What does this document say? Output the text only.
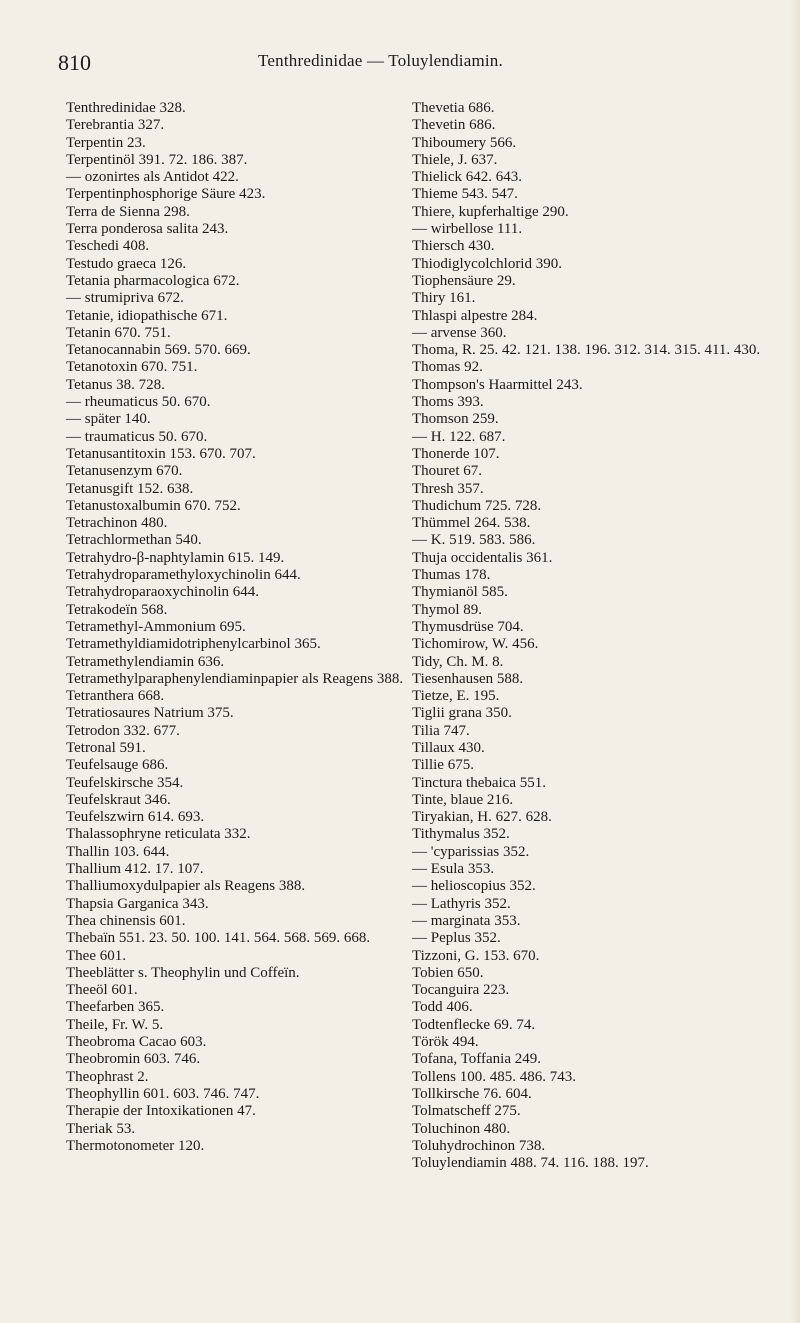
810	Tenthredinidae — Toluylendiamin.
Tenthredinidae 328.
Terebrantia 327.
Terpentin 23.
Terpentinöl 391. 72. 186. 387.
— ozonirtes als Antidot 422.
Terpentinphosphorige Säure 423.
Terra de Sienna 298.
Terra ponderosa salita 243.
Teschedi 408.
Testudo graeca 126.
Tetania pharmacologica 672.
— strumipriva 672.
Tetanie, idiopathische 671.
Tetanin 670. 751.
Tetanocannabin 569. 570. 669.
Tetanotoxin 670. 751.
Tetanus 38. 728.
— rheumaticus 50. 670.
— später 140.
— traumaticus 50. 670.
Tetanusantitoxin 153. 670. 707.
Tetanusenzym 670.
Tetanusgift 152. 638.
Tetanustoxalbumin 670. 752.
Tetrachinon 480.
Tetrachlormethan 540.
Tetrahydro-β-naphtylamin 615. 149.
Tetrahydroparamethyloxychinolin 644.
Tetrahydroparaoxychinolin 644.
Tetrakodeïn 568.
Tetramethyl-Ammonium 695.
Tetramethyldiamidotriphenylcarbinol 365.
Tetramethylendiamin 636.
Tetramethylparaphenylendiaminpapier als Reagens 388.
Tetranthera 668.
Tetratiosaures Natrium 375.
Tetrodon 332. 677.
Tetronal 591.
Teufelsauge 686.
Teufelskirsche 354.
Teufelskraut 346.
Teufelszwirn 614. 693.
Thalassophryne reticulata 332.
Thallin 103. 644.
Thallium 412. 17. 107.
Thalliumoxydulpapier als Reagens 388.
Thapsia Garganica 343.
Thea chinensis 601.
Thebaïn 551. 23. 50. 100. 141. 564. 568. 569. 668.
Thee 601.
Theeblätter s. Theophylin und Coffeïn.
Theeöl 601.
Theefarben 365.
Theile, Fr. W. 5.
Theobroma Cacao 603.
Theobromin 603. 746.
Theophrast 2.
Theophyllin 601. 603. 746. 747.
Therapie der Intoxikationen 47.
Theriak 53.
Thermotonometer 120.
Thevetia 686.
Thevetin 686.
Thiboumery 566.
Thiele, J. 637.
Thielick 642. 643.
Thieme 543. 547.
Thiere, kupferhaltige 290.
— wirbellose 111.
Thiersch 430.
Thiodiglycolchlorid 390.
Tiophensäure 29.
Thiry 161.
Thlaspi alpestre 284.
— arvense 360.
Thoma, R. 25. 42. 121. 138. 196. 312. 314. 315. 411. 430.
Thomas 92.
Thompson's Haarmittel 243.
Thoms 393.
Thomson 259.
— H. 122. 687.
Thonerde 107.
Thouret 67.
Thresh 357.
Thudichum 725. 728.
Thümmel 264. 538.
— K. 519. 583. 586.
Thuja occidentalis 361.
Thumas 178.
Thymianöl 585.
Thymol 89.
Thymusdrüse 704.
Tichomirow, W. 456.
Tidy, Ch. M. 8.
Tiesenhausen 588.
Tietze, E. 195.
Tiglii grana 350.
Tilia 747.
Tillaux 430.
Tillie 675.
Tinctura thebaica 551.
Tinte, blaue 216.
Tiryakian, H. 627. 628.
Tithymalus 352.
— 'cyparissias 352.
— Esula 353.
— helioscopius 352.
— Lathyris 352.
— marginata 353.
— Peplus 352.
Tizzoni, G. 153. 670.
Tobien 650.
Tocanguira 223.
Todd 406.
Todtenflecke 69. 74.
Török 494.
Tofana, Toffania 249.
Tollens 100. 485. 486. 743.
Tollkirsche 76. 604.
Tolmatscheff 275.
Toluchinon 480.
Toluhydrochinon 738.
Toluylendiamin 488. 74. 116. 188. 197.
